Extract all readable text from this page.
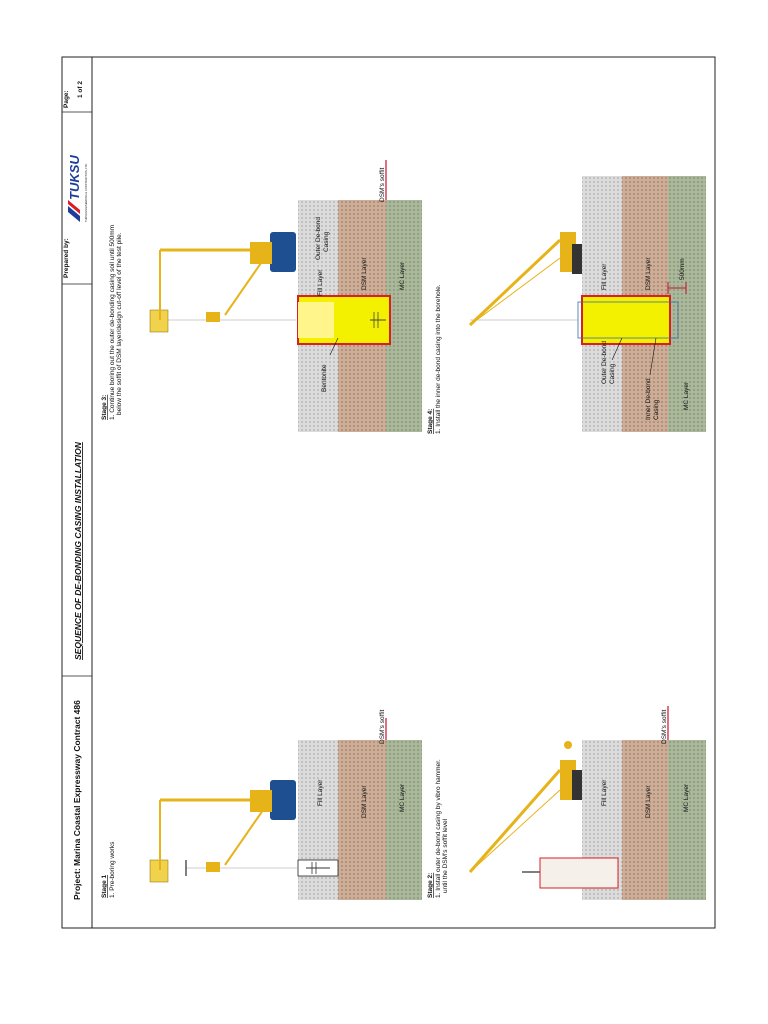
Project: Marina Coastal Expressway Contract 486
SEQUENCE OF DE-BONDING CASING INSTALLATION
Prepared by:
TUKSU	TUKSU ENGINEERING & CONSTRUCTION, LTD.
Page:
1 of 2
Stage 1 1. Pre-boring works
Fill Layer	DSM Layer	MC Layer
DSM's soffit
Stage 2: 1. Install outer de-bond casing by vibro hammer. until the DSM's soffit level
Fill Layer	DSM Layer	MC Layer
DSM's soffit
Stage 3: 1. Continue boring out the outer de-bonding casing soil until 500mm below the soffit of DSM layer/design cut-off level of the test pile.	Bentonite
Fill Layer
Outer De-bond Casing
DSM Layer	MC Layer
DSM's soffit
Stage 4: 1. Install the inner de-bond casing into the borehole.	Outer De-bond Casing
Inner De-bond Casing
Fill Layer	DSM Layer
MC Layer
500mm
